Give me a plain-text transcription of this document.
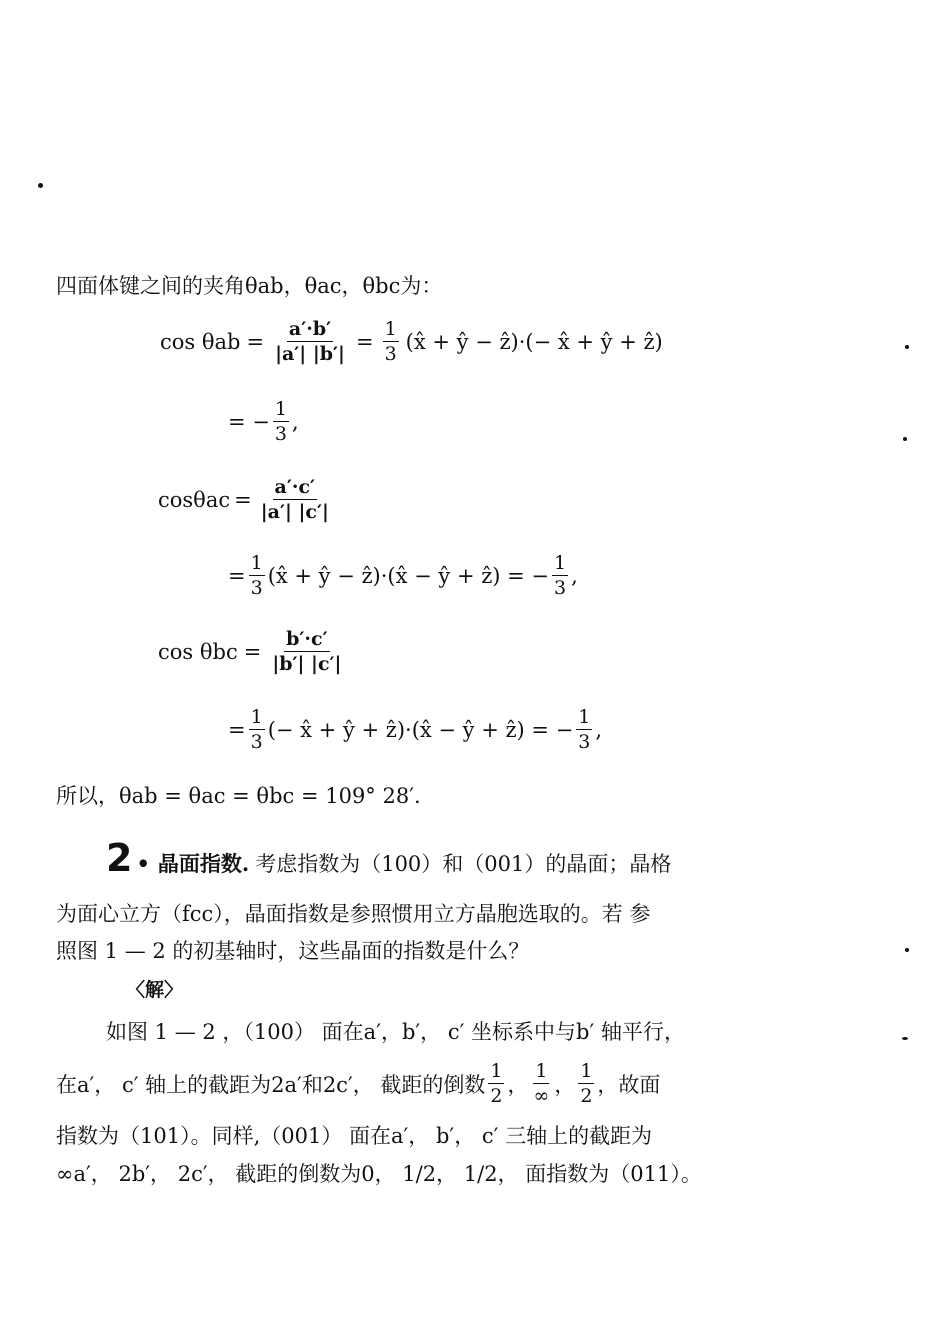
四面体键之间的夹角θab，θac，θbc为：
$\cos \theta ab = \frac{a'\cdot b'}{|a'| |b'|} = \frac{1}{3}$ (x̂ + ŷ − ẑ)·(− x̂ + ŷ + ẑ)
= − $\frac{1}{3}$ ,
$\cos\theta ac = \frac{a'\cdot c'}{|a'| |c'|}$
= $\frac{1}{3}$ (x̂ + ŷ − ẑ)·(x̂ − ŷ + ẑ) = − $\frac{1}{3}$ ,
$\cos \theta bc = \frac{b'\cdot c'}{|b'| |c'|}$
= $\frac{1}{3}$ (− x̂ + ŷ + ẑ)·(x̂ − ŷ + ẑ) = − $\frac{1}{3}$ ,
所以，θab = θac = θbc = 109° 28′.
2 • 晶面指数. 考虑指数为（100）和（001）的晶面；晶格
为面心立方（fcc），晶面指数是参照惯用立方晶胞选取的。若 参
照图 1 — 2 的初基轴时，这些晶面的指数是什么？
〈解〉
如图 1 — 2 ，（100） 面在a′，b′， c′ 坐标系中与b′ 轴平行，
在a′， c′ 轴上的截距为2a′和2c′， 截距的倒数 $\frac{1}{2}$ ， $\frac{1}{\infty}$ ， $\frac{1}{2}$ ，故面
指数为（101）。同样,（001） 面在a′， b′， c′ 三轴上的截距为
∞a′， 2b′， 2c′， 截距的倒数为0， 1/2， 1/2， 面指数为（011）。
